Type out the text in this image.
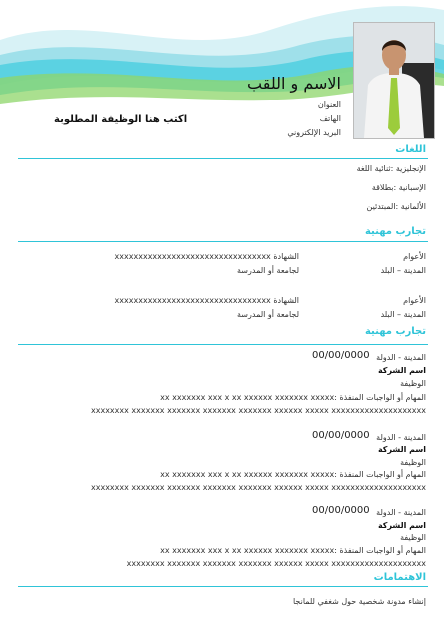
الاسم و اللقب
العنوان
الهاتف
البريد الإلكتروني
اكتب هنا الوظيفة المطلوبة
اللغات
الإنجليزية :ثنائية اللغة
الإسبانية :بطلاقة
الألمانية :المبتدئين
تجارب مهنية
الأعوام
الشهادة xxxxxxxxxxxxxxxxxxxxxxxxxxxxxxxxx
المدينة – البلد
لجامعة أو المدرسة
الأعوام
الشهادة xxxxxxxxxxxxxxxxxxxxxxxxxxxxxxxxx
المدينة – البلد
لجامعة أو المدرسة
تجارب مهنية
المدينة - الدولة
00/00/0000
اسم الشركة
الوظيفة
المهام أو الواجبات المنفذة :xx xxxxxxx xxx x xx xxxxxx xxxxxxx xxxxx
xxxxxxxx xxxxxxx xxxxxxx xxxxxxx xxxxxxx xxxxxx xxxxx xxxxxxxxxxxxxxxxxxxx
المدينة - الدولة
00/00/0000
اسم الشركة
الوظيفة
المهام أو الواجبات المنفذة :xx xxxxxxx xxx x xx xxxxxx xxxxxxx xxxxx
xxxxxxxx xxxxxxx xxxxxxx xxxxxxx xxxxxxx xxxxxx xxxxx xxxxxxxxxxxxxxxxxxxx
المدينة - الدولة
00/00/0000
اسم الشركة
الوظيفة
المهام أو الواجبات المنفذة :xx xxxxxxx xxx x xx xxxxxx xxxxxxx xxxxx
xxxxxxxx xxxxxxx xxxxxxx xxxxxxx xxxxxx xxxxx xxxxxxxxxxxxxxxxxxxx
الاهتمامات
إنشاء مدونة شخصية حول شغفي للمانجا
